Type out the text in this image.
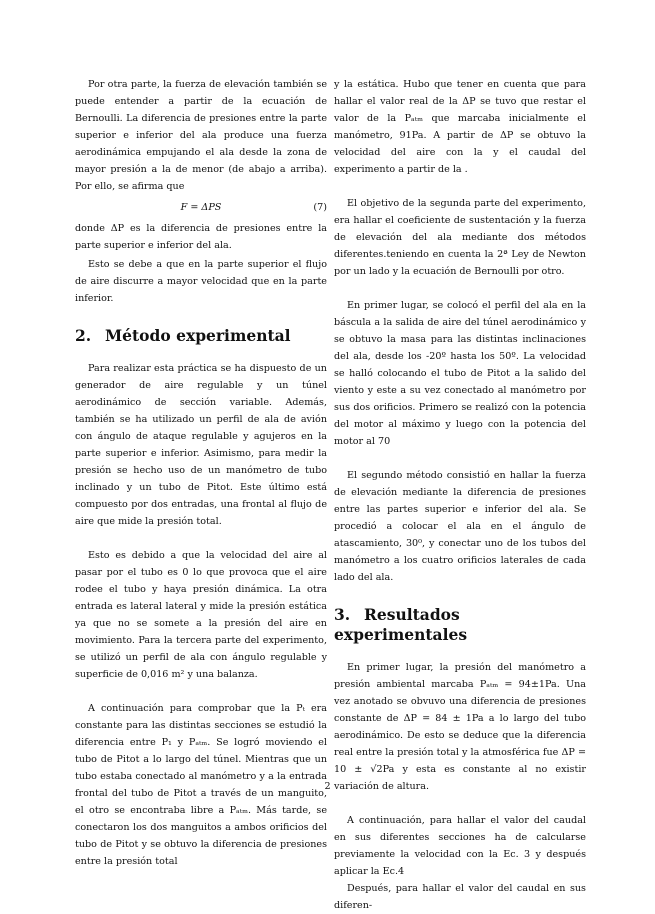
Por otra parte, la fuerza de elevación también se puede entender a partir de la ecuación de Bernoulli. La diferencia de presiones entre la parte superior e inferior del ala produce una fuerza aerodinámica empujando el ala desde la zona de mayor presión a la de menor (de abajo a arriba). Por ello, se afirma que

F = ΔPS	(7)

donde ΔP es la diferencia de presiones entre la parte superior e inferior del ala.

Esto se debe a que en la parte superior el flujo de aire discurre a mayor velocidad que en la parte inferior.

2. Método experimental

Para realizar esta práctica se ha dispuesto de un generador de aire regulable y un túnel aerodinámico de sección variable. Además, también se ha utilizado un perfil de ala de avión con ángulo de ataque regulable y agujeros en la parte superior e inferior. Asimismo, para medir la presión se hecho uso de un manómetro de tubo inclinado y un tubo de Pitot. Este último está compuesto por dos entradas, una frontal al flujo de aire que mide la presión total.

Esto es debido a que la velocidad del aire al pasar por el tubo es 0 lo que provoca que el aire rodee el tubo y haya presión dinámica. La otra entrada es lateral lateral y mide la presión estática ya que no se somete a la presión del aire en movimiento. Para la tercera parte del experimento, se utilizó un perfil de ala con ángulo regulable y superficie de 0,016 m² y una balanza.

A continuación para comprobar que la Pₜ era constante para las distintas secciones se estudió la diferencia entre P₁ y Pₐₜₘ. Se logró moviendo el tubo de Pitot a lo largo del túnel. Mientras que un tubo estaba conectado al manómetro y a la entrada frontal del tubo de Pitot a través de un manguito, el otro se encontraba libre a Pₐₜₘ. Más tarde, se conectaron los dos manguitos a ambos orificios del tubo de Pitot y se obtuvo la diferencia de presiones entre la presión total

y la estática. Hubo que tener en cuenta que para hallar el valor real de la ΔP se tuvo que restar el valor de la Pₐₜₘ que marcaba inicialmente el manómetro, 91Pa. A partir de ΔP se obtuvo la velocidad del aire con la y el caudal del experimento a partir de la .

El objetivo de la segunda parte del experimento, era hallar el coeficiente de sustentación y la fuerza de elevación del ala mediante dos métodos diferentes.teniendo en cuenta la 2ª Ley de Newton por un lado y la ecuación de Bernoulli por otro.

En primer lugar, se colocó el perfil del ala en la báscula a la salida de aire del túnel aerodinámico y se obtuvo la masa para las distintas inclinaciones del ala, desde los -20º hasta los 50º. La velocidad se halló colocando el tubo de Pitot a la salido del viento y este a su vez conectado al manómetro por sus dos orificios. Primero se realizó con la potencia del motor al máximo y luego con la potencia del motor al 70

El segundo método consistió en hallar la fuerza de elevación mediante la diferencia de presiones entre las partes superior e inferior del ala. Se procedió a colocar el ala en el ángulo de atascamiento, 30⁰, y conectar uno de los tubos del manómetro a los cuatro orificios laterales de cada lado del ala.

3. Resultados experimentales

En primer lugar, la presión del manómetro a presión ambiental marcaba Pₐₜₘ = 94±1Pa. Una vez anotado se obvuvo una diferencia de presiones constante de ΔP = 84 ± 1Pa a lo largo del tubo aerodinámico. De esto se deduce que la diferencia real entre la presión total y la atmosférica fue ΔP = 10 ± √2Pa y esta es constante al no existir variación de altura.

A continuación, para hallar el valor del caudal en sus diferentes secciones ha de calcularse previamente la velocidad con la Ec. 3 y después aplicar la Ec.4

Después, para hallar el valor del caudal en sus diferen-

2
